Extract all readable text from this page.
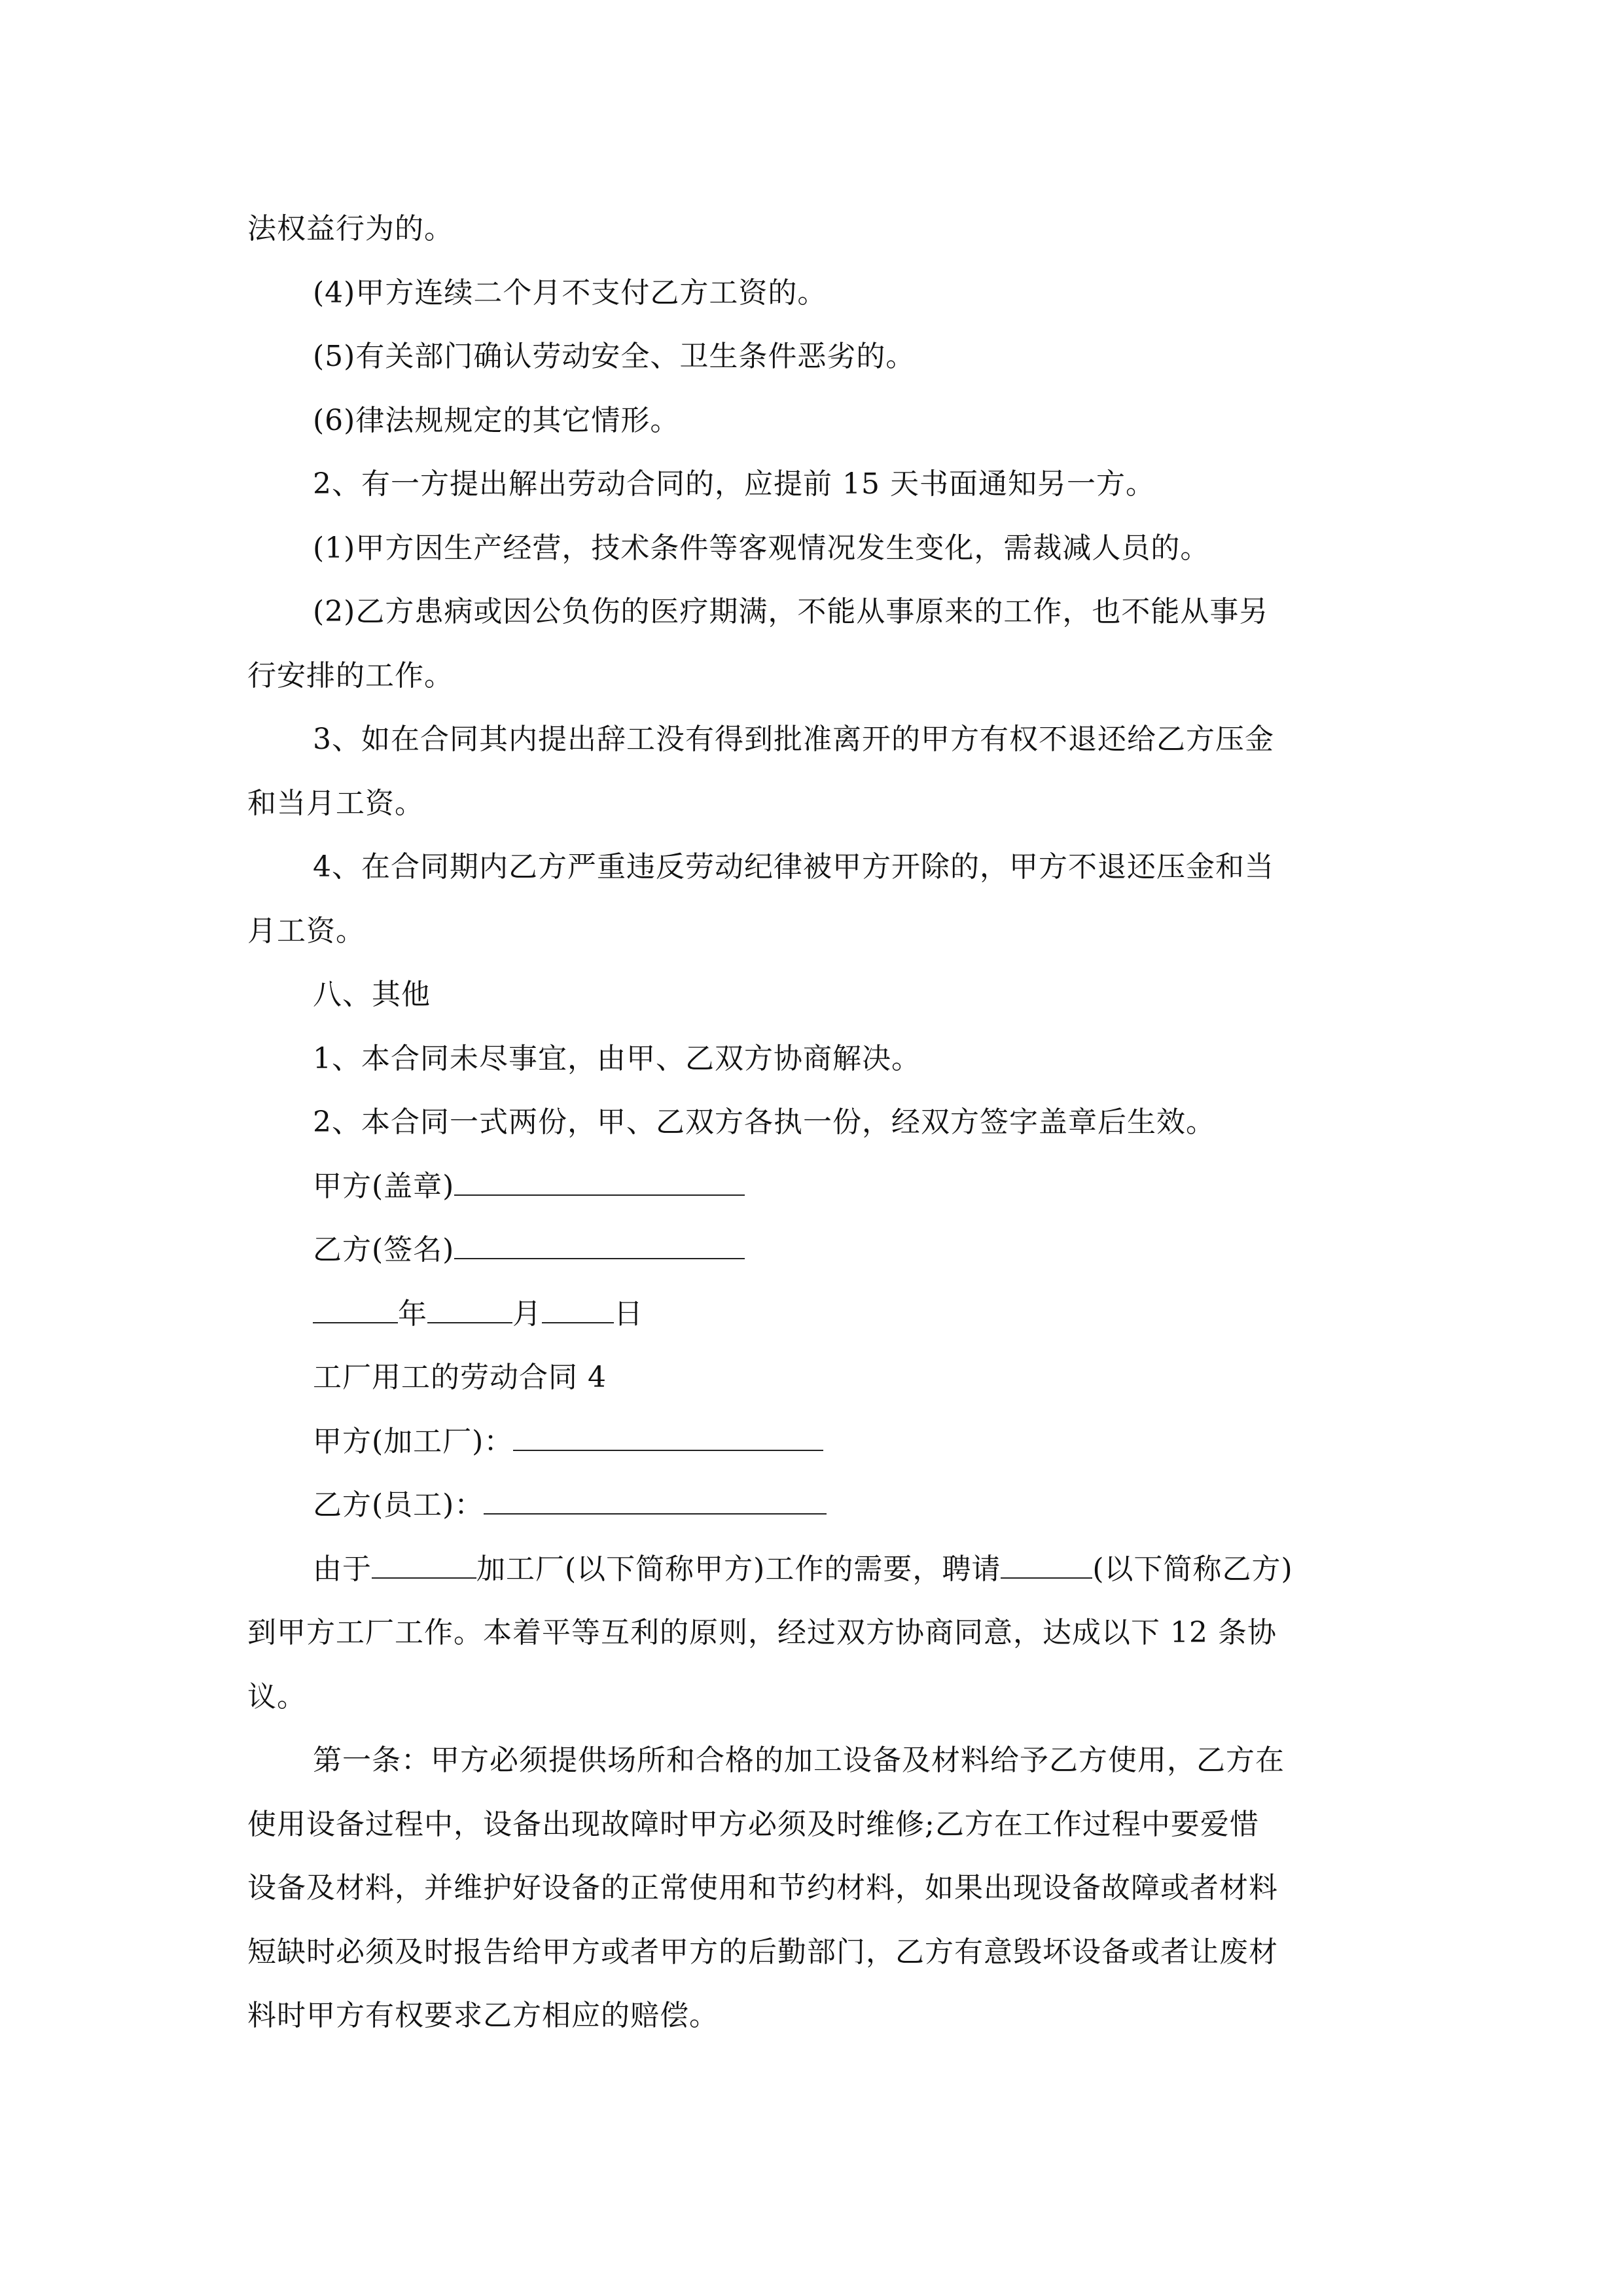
法权益行为的。
(4)甲方连续二个月不支付乙方工资的。
(5)有关部门确认劳动安全、卫生条件恶劣的。
(6)律法规规定的其它情形。
2、有一方提出解出劳动合同的，应提前 15 天书面通知另一方。
(1)甲方因生产经营，技术条件等客观情况发生变化，需裁减人员的。
(2)乙方患病或因公负伤的医疗期满，不能从事原来的工作，也不能从事另
行安排的工作。
3、如在合同其内提出辞工没有得到批准离开的甲方有权不退还给乙方压金
和当月工资。
4、在合同期内乙方严重违反劳动纪律被甲方开除的，甲方不退还压金和当
月工资。
八、其他
1、本合同未尽事宜，由甲、乙双方协商解决。
2、本合同一式两份，甲、乙双方各执一份，经双方签字盖章后生效。
甲方(盖章)
乙方(签名)
年	月	日
工厂用工的劳动合同 4
甲方(加工厂)：
乙方(员工)：
由于	加工厂(以下简称甲方)工作的需要，聘请	(以下简称乙方)
到甲方工厂工作。本着平等互利的原则，经过双方协商同意，达成以下 12 条协
议。
第一条：甲方必须提供场所和合格的加工设备及材料给予乙方使用，乙方在
使用设备过程中，设备出现故障时甲方必须及时维修;乙方在工作过程中要爱惜
设备及材料，并维护好设备的正常使用和节约材料，如果出现设备故障或者材料
短缺时必须及时报告给甲方或者甲方的后勤部门，乙方有意毁坏设备或者让废材
料时甲方有权要求乙方相应的赔偿。
